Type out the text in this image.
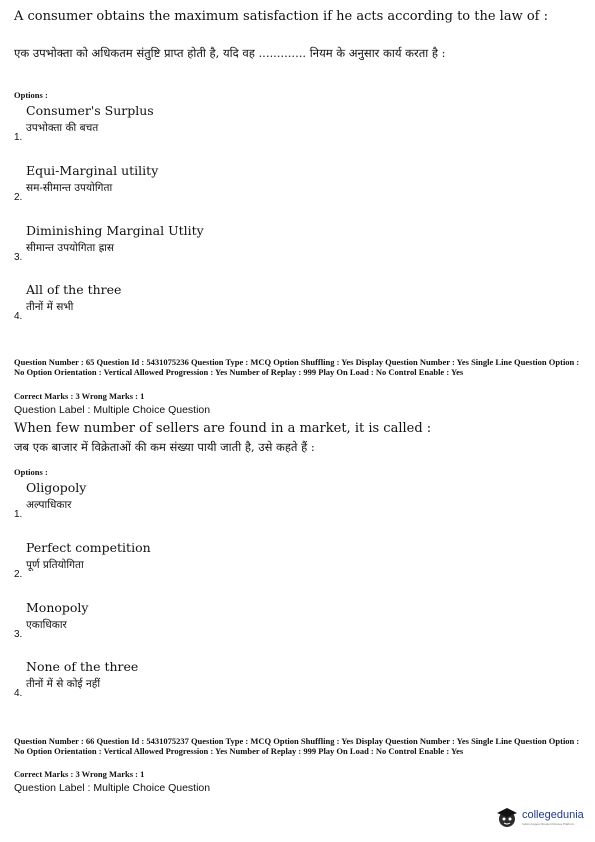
A consumer obtains the maximum satisfaction if he acts according to the law of :
एक उपभोक्ता को अधिकतम संतुष्टि प्राप्त होती है, यदि वह ............. नियम के अनुसार कार्य करता है :
Options :
Consumer's Surplus
उपभोक्ता की बचत
1.
Equi-Marginal utility
सम-सीमान्त उपयोगिता
2.
Diminishing Marginal Utlity
सीमान्त उपयोगिता ह्रास
3.
All of the three
तीनों में सभी
4.
Question Number : 65 Question Id : 5431075236 Question Type : MCQ Option Shuffling : Yes Display Question Number : Yes Single Line Question Option : No Option Orientation : Vertical Allowed Progression : Yes Number of Replay : 999 Play On Load : No Control Enable : Yes
Correct Marks : 3 Wrong Marks : 1
Question Label : Multiple Choice Question
When few number of sellers are found in a market, it is called :
जब एक बाजार में विक्रेताओं की कम संख्या पायी जाती है, उसे कहते हैं :
Options :
Oligopoly
अल्पाधिकार
1.
Perfect competition
पूर्ण प्रतियोगिता
2.
Monopoly
एकाधिकार
3.
None of the three
तीनों में से कोई नहीं
4.
Question Number : 66 Question Id : 5431075237 Question Type : MCQ Option Shuffling : Yes Display Question Number : Yes Single Line Question Option : No Option Orientation : Vertical Allowed Progression : Yes Number of Replay : 999 Play On Load : No Control Enable : Yes
Correct Marks : 3 Wrong Marks : 1
Question Label : Multiple Choice Question
collegedunia
India's largest Student Review Platform
